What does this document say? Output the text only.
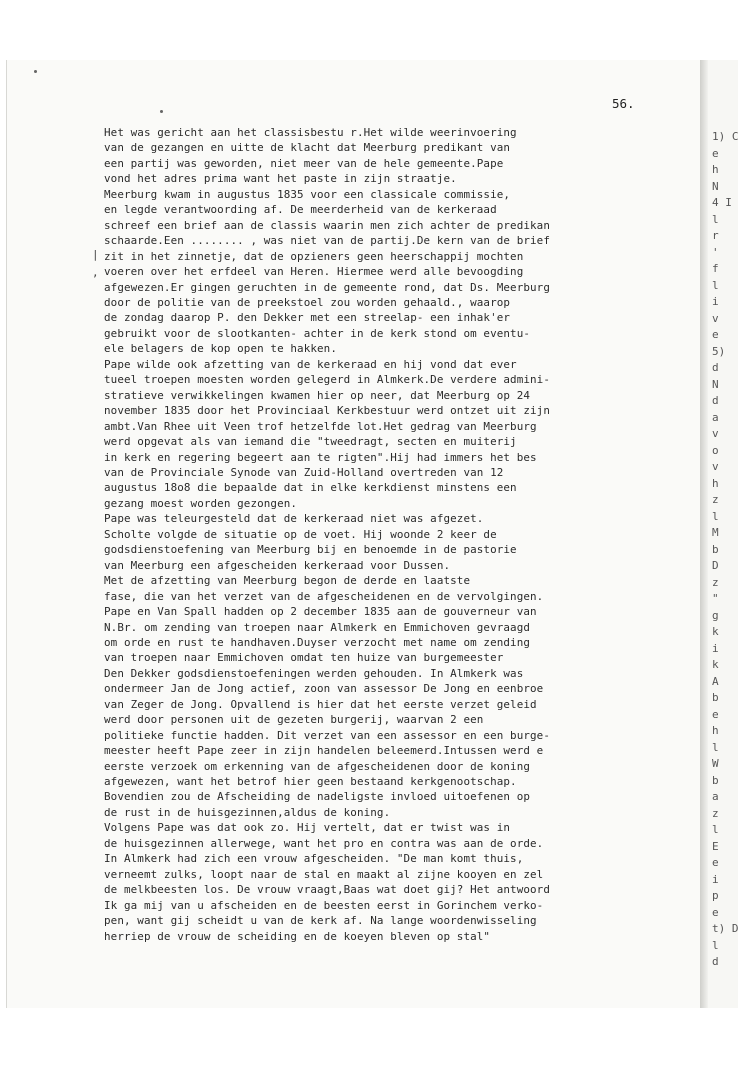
1) C
e
h
N
4 I
l
r
'
f
l
i
v
e
5)
d
N
d
a
v
o
v
h
z
l
M
b
D
z
"
g
k
i
k
A
b
e
h
l
W
b
a
z
l
E
e
i
p
e
t) D
l
d
56.
Het was gericht aan het classisbestu r.Het wilde weerinvoering
van de gezangen en uitte de klacht dat Meerburg predikant van
een partij was geworden, niet meer van de hele gemeente.Pape
vond het adres prima want het paste in zijn straatje.
Meerburg kwam in augustus 1835 voor een classicale commissie,
en legde verantwoording af. De meerderheid van de kerkeraad
schreef een brief aan de classis waarin men zich achter de predikan
schaarde.Een ........ , was niet van de partij.De kern van de brief
zit in het zinnetje, dat de opzieners geen heerschappij mochten
voeren over het erfdeel van Heren. Hiermee werd alle bevoogding
afgewezen.Er gingen geruchten in de gemeente rond, dat Ds. Meerburg
door de politie van de preekstoel zou worden gehaald., waarop
de zondag daarop P. den Dekker met een streelap- een inhak'er
gebruikt voor de slootkanten- achter in de kerk stond om eventu-
ele belagers de kop open te hakken.
Pape wilde ook afzetting van de kerkeraad en hij vond dat ever
tueel troepen moesten worden gelegerd in Almkerk.De verdere admini-
stratieve verwikkelingen kwamen hier op neer, dat Meerburg op 24
november 1835 door het Provinciaal Kerkbestuur werd ontzet uit zijn
ambt.Van Rhee uit Veen trof hetzelfde lot.Het gedrag van Meerburg
werd opgevat als van iemand die "tweedragt, secten en muiterij
in kerk en regering begeert aan te rigten".Hij had immers het bes
van de Provinciale Synode van Zuid-Holland overtreden van 12
augustus 18o8 die bepaalde dat in elke kerkdienst minstens een
gezang moest worden gezongen.
Pape was teleurgesteld dat de kerkeraad niet was afgezet.
Scholte volgde de situatie op de voet. Hij woonde 2 keer de
godsdienstoefening van Meerburg bij en benoemde in de pastorie
van Meerburg een afgescheiden kerkeraad voor Dussen.
Met de afzetting van Meerburg begon de derde en laatste
fase, die van het verzet van de afgescheidenen en de vervolgingen.
Pape en Van Spall hadden op 2 december 1835 aan de gouverneur van
N.Br. om zending van troepen naar Almkerk en Emmichoven gevraagd
om orde en rust te handhaven.Duyser verzocht met name om zending
van troepen naar Emmichoven omdat ten huize van burgemeester
Den Dekker godsdienstoefeningen werden gehouden. In Almkerk was
ondermeer Jan de Jong actief, zoon van assessor De Jong en eenbroe
van Zeger de Jong. Opvallend is hier dat het eerste verzet geleid
werd door personen uit de gezeten burgerij, waarvan 2 een
politieke functie hadden. Dit verzet van een assessor en een burge-
meester heeft Pape zeer in zijn handelen beleemerd.Intussen werd e
eerste verzoek om erkenning van de afgescheidenen door de koning
afgewezen, want het betrof hier geen bestaand kerkgenootschap.
Bovendien zou de Afscheiding de nadeligste invloed uitoefenen op
de rust in de huisgezinnen,aldus de koning.
Volgens Pape was dat ook zo. Hij vertelt, dat er twist was in
de huisgezinnen allerwege, want het pro en contra was aan de orde.
In Almkerk had zich een vrouw afgescheiden. "De man komt thuis,
verneemt zulks, loopt naar de stal en maakt al zijne kooyen en zel
de melkbeesten los. De vrouw vraagt,Baas wat doet gij? Het antwoord
Ik ga mij van u afscheiden en de beesten eerst in Gorinchem verko-
pen, want gij scheidt u van de kerk af. Na lange woordenwisseling
herriep de vrouw de scheiding en de koeyen bleven op stal"
|
,
